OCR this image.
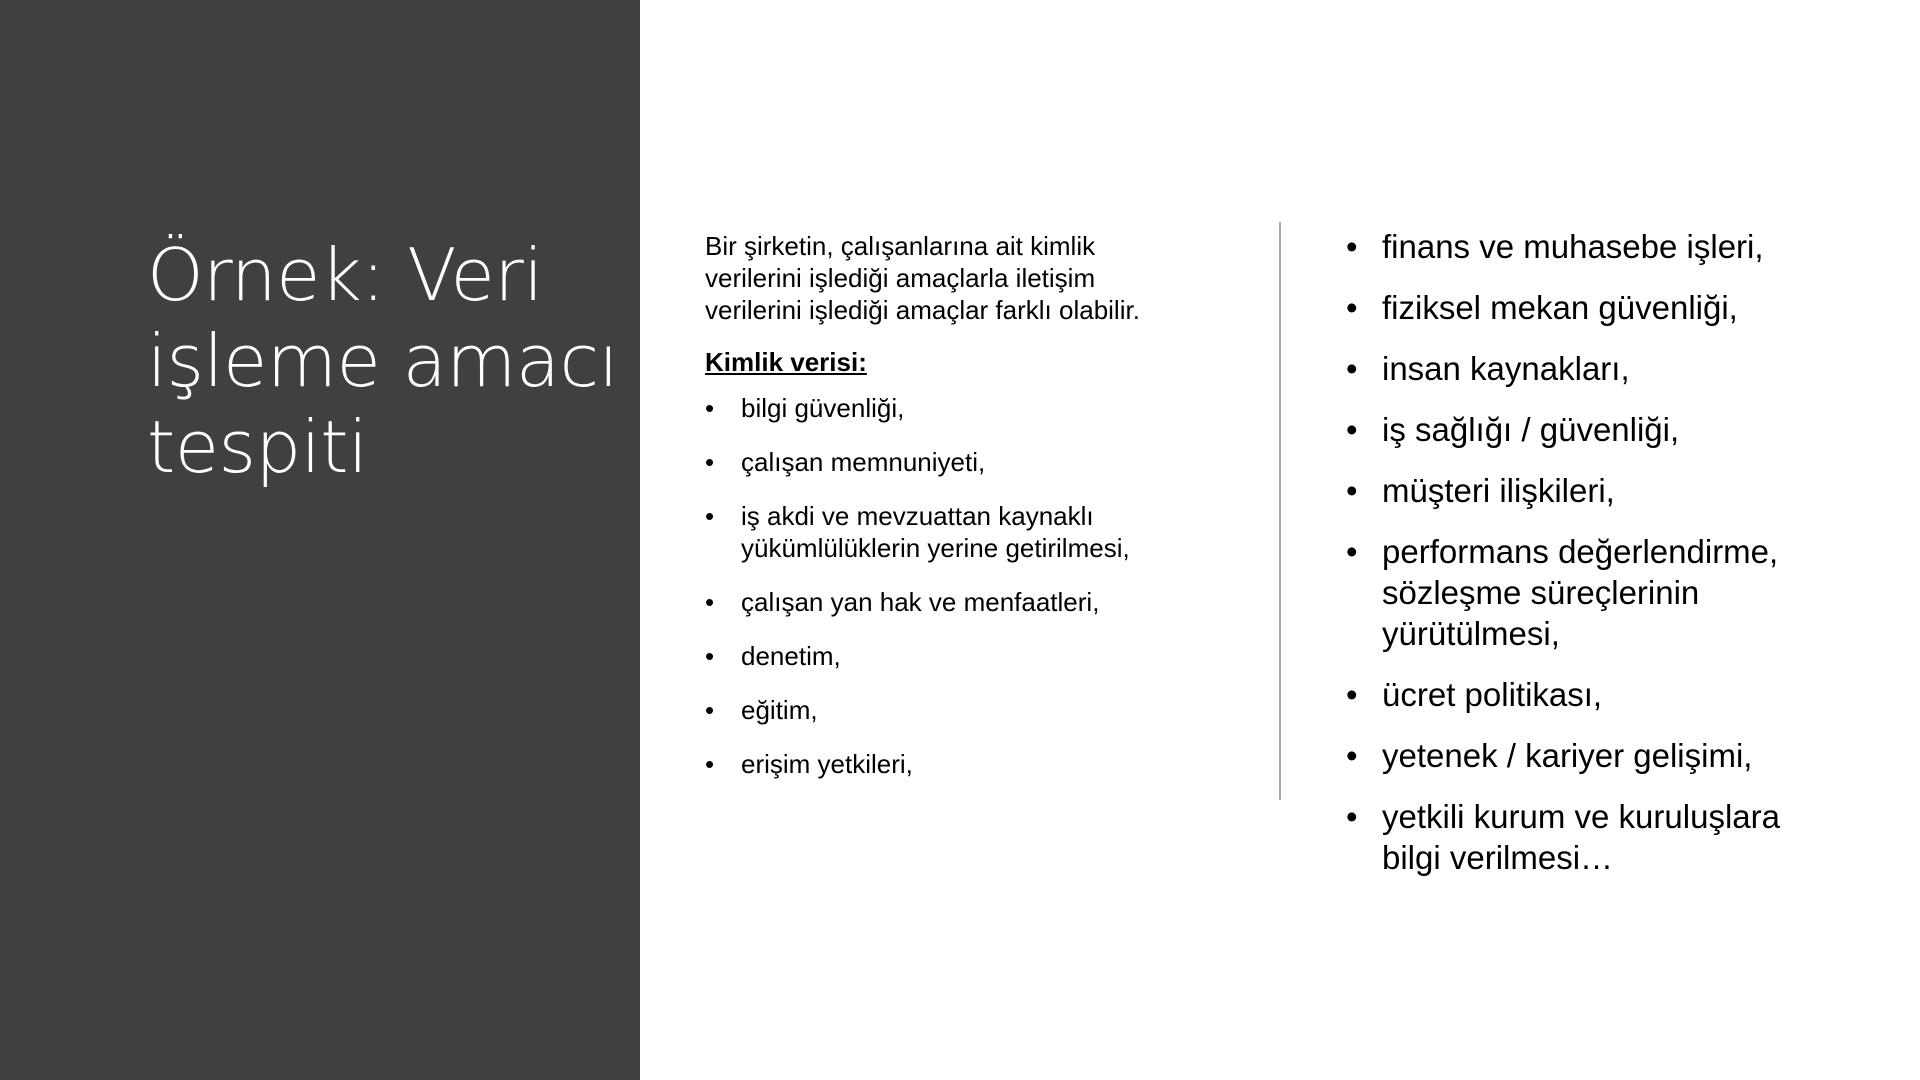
Örnek: Veri
işleme amacı
tespiti

Bir şirketin, çalışanlarına ait kimlik
verilerini işlediği amaçlarla iletişim
verilerini işlediği amaçlar farklı olabilir.

Kimlik verisi:

• bilgi güvenliği,
• çalışan memnuniyeti,
• iş akdi ve mevzuattan kaynaklı
yükümlülüklerin yerine getirilmesi,
• çalışan yan hak ve menfaatleri,
• denetim,
• eğitim,
• erişim yetkileri,
• finans ve muhasebe işleri,
• fiziksel mekan güvenliği,
• insan kaynakları,
• iş sağlığı / güvenliği,
• müşteri ilişkileri,
• performans değerlendirme,
sözleşme süreçlerinin
yürütülmesi,
• ücret politikası,
• yetenek / kariyer gelişimi,
• yetkili kurum ve kuruluşlara
bilgi verilmesi…
